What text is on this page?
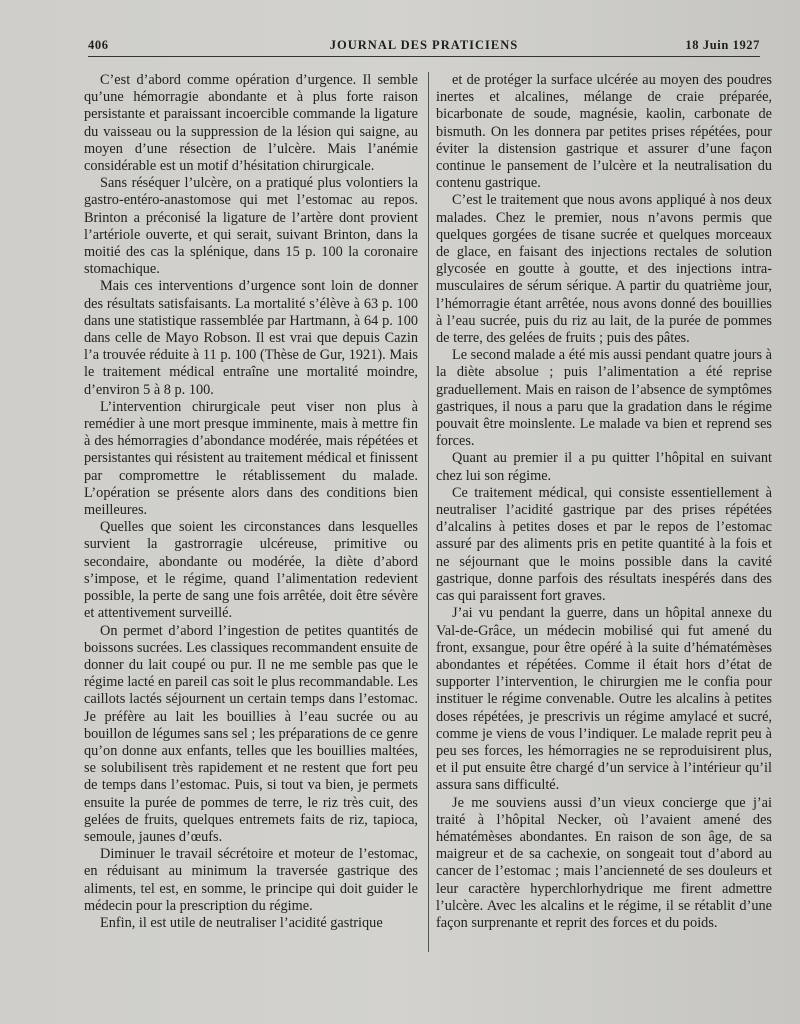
406	JOURNAL DES PRATICIENS	18 Juin 1927

C’est d’abord comme opération d’urgence. Il semble qu’une hémorragie abondante et à plus forte raison persistante et paraissant incoercible commande la ligature du vaisseau ou la suppression de la lésion qui saigne, au moyen d’une résection de l’ulcère. Mais l’anémie considérable est un motif d’hésitation chirurgicale.

Sans réséquer l’ulcère, on a pratiqué plus volontiers la gastro-entéro-anastomose qui met l’estomac au repos. Brinton a préconisé la ligature de l’artère dont provient l’artériole ouverte, et qui serait, suivant Brinton, dans la moitié des cas la splénique, dans 15 p. 100 la coronaire stomachique.

Mais ces interventions d’urgence sont loin de donner des résultats satisfaisants. La mortalité s’élève à 63 p. 100 dans une statistique rassemblée par Hartmann, à 64 p. 100 dans celle de Mayo Robson. Il est vrai que depuis Cazin l’a trouvée réduite à 11 p. 100 (Thèse de Gur, 1921). Mais le traitement médical entraîne une mortalité moindre, d’environ 5 à 8 p. 100.

L’intervention chirurgicale peut viser non plus à remédier à une mort presque imminente, mais à mettre fin à des hémorragies d’abondance modérée, mais répétées et persistantes qui résistent au traitement médical et finissent par compromettre le rétablissement du malade. L’opération se présente alors dans des conditions bien meilleures.

Quelles que soient les circonstances dans lesquelles survient la gastrorragie ulcéreuse, primitive ou secondaire, abondante ou modérée, la diète d’abord s’impose, et le régime, quand l’alimentation redevient possible, la perte de sang une fois arrêtée, doit être sévère et attentivement surveillé.

On permet d’abord l’ingestion de petites quantités de boissons sucrées. Les classiques recommandent ensuite de donner du lait coupé ou pur. Il ne me semble pas que le régime lacté en pareil cas soit le plus recommandable. Les caillots lactés séjournent un certain temps dans l’estomac. Je préfère au lait les bouillies à l’eau sucrée ou au bouillon de légumes sans sel ; les préparations de ce genre qu’on donne aux enfants, telles que les bouillies maltées, se solubilisent très rapidement et ne restent que fort peu de temps dans l’estomac. Puis, si tout va bien, je permets ensuite la purée de pommes de terre, le riz très cuit, des gelées de fruits, quelques entremets faits de riz, tapioca, semoule, jaunes d’œufs.

Diminuer le travail sécrétoire et moteur de l’estomac, en réduisant au minimum la traversée gastrique des aliments, tel est, en somme, le principe qui doit guider le médecin pour la prescription du régime.

Enfin, il est utile de neutraliser l’acidité gastrique

et de protéger la surface ulcérée au moyen des poudres inertes et alcalines, mélange de craie préparée, bicarbonate de soude, magnésie, kaolin, carbonate de bismuth. On les donnera par petites prises répétées, pour éviter la distension gastrique et assurer d’une façon continue le pansement de l’ulcère et la neutralisation du contenu gastrique.

C’est le traitement que nous avons appliqué à nos deux malades. Chez le premier, nous n’avons permis que quelques gorgées de tisane sucrée et quelques morceaux de glace, en faisant des injections rectales de solution glycosée en goutte à goutte, et des injections intra-musculaires de sérum sérique. A partir du quatrième jour, l’hémorragie étant arrêtée, nous avons donné des bouillies à l’eau sucrée, puis du riz au lait, de la purée de pommes de terre, des gelées de fruits ; puis des pâtes.

Le second malade a été mis aussi pendant quatre jours à la diète absolue ; puis l’alimentation a été reprise graduellement. Mais en raison de l’absence de symptômes gastriques, il nous a paru que la gradation dans le régime pouvait être moinslente. Le malade va bien et reprend ses forces.

Quant au premier il a pu quitter l’hôpital en suivant chez lui son régime.

Ce traitement médical, qui consiste essentiellement à neutraliser l’acidité gastrique par des prises répétées d’alcalins à petites doses et par le repos de l’estomac assuré par des aliments pris en petite quantité à la fois et ne séjournant que le moins possible dans la cavité gastrique, donne parfois des résultats inespérés dans des cas qui paraissent fort graves.

J’ai vu pendant la guerre, dans un hôpital annexe du Val-de-Grâce, un médecin mobilisé qui fut amené du front, exsangue, pour être opéré à la suite d’hématémèses abondantes et répétées. Comme il était hors d’état de supporter l’intervention, le chirurgien me le confia pour instituer le régime convenable. Outre les alcalins à petites doses répétées, je prescrivis un régime amylacé et sucré, comme je viens de vous l’indiquer. Le malade reprit peu à peu ses forces, les hémorragies ne se reproduisirent plus, et il put ensuite être chargé d’un service à l’intérieur qu’il assura sans difficulté.

Je me souviens aussi d’un vieux concierge que j’ai traité à l’hôpital Necker, où l’avaient amené des hématémèses abondantes. En raison de son âge, de sa maigreur et de sa cachexie, on songeait tout d’abord au cancer de l’estomac ; mais l’ancienneté de ses douleurs et leur caractère hyperchlorhydrique me firent admettre l’ulcère. Avec les alcalins et le régime, il se rétablit d’une façon surprenante et reprit des forces et du poids.
